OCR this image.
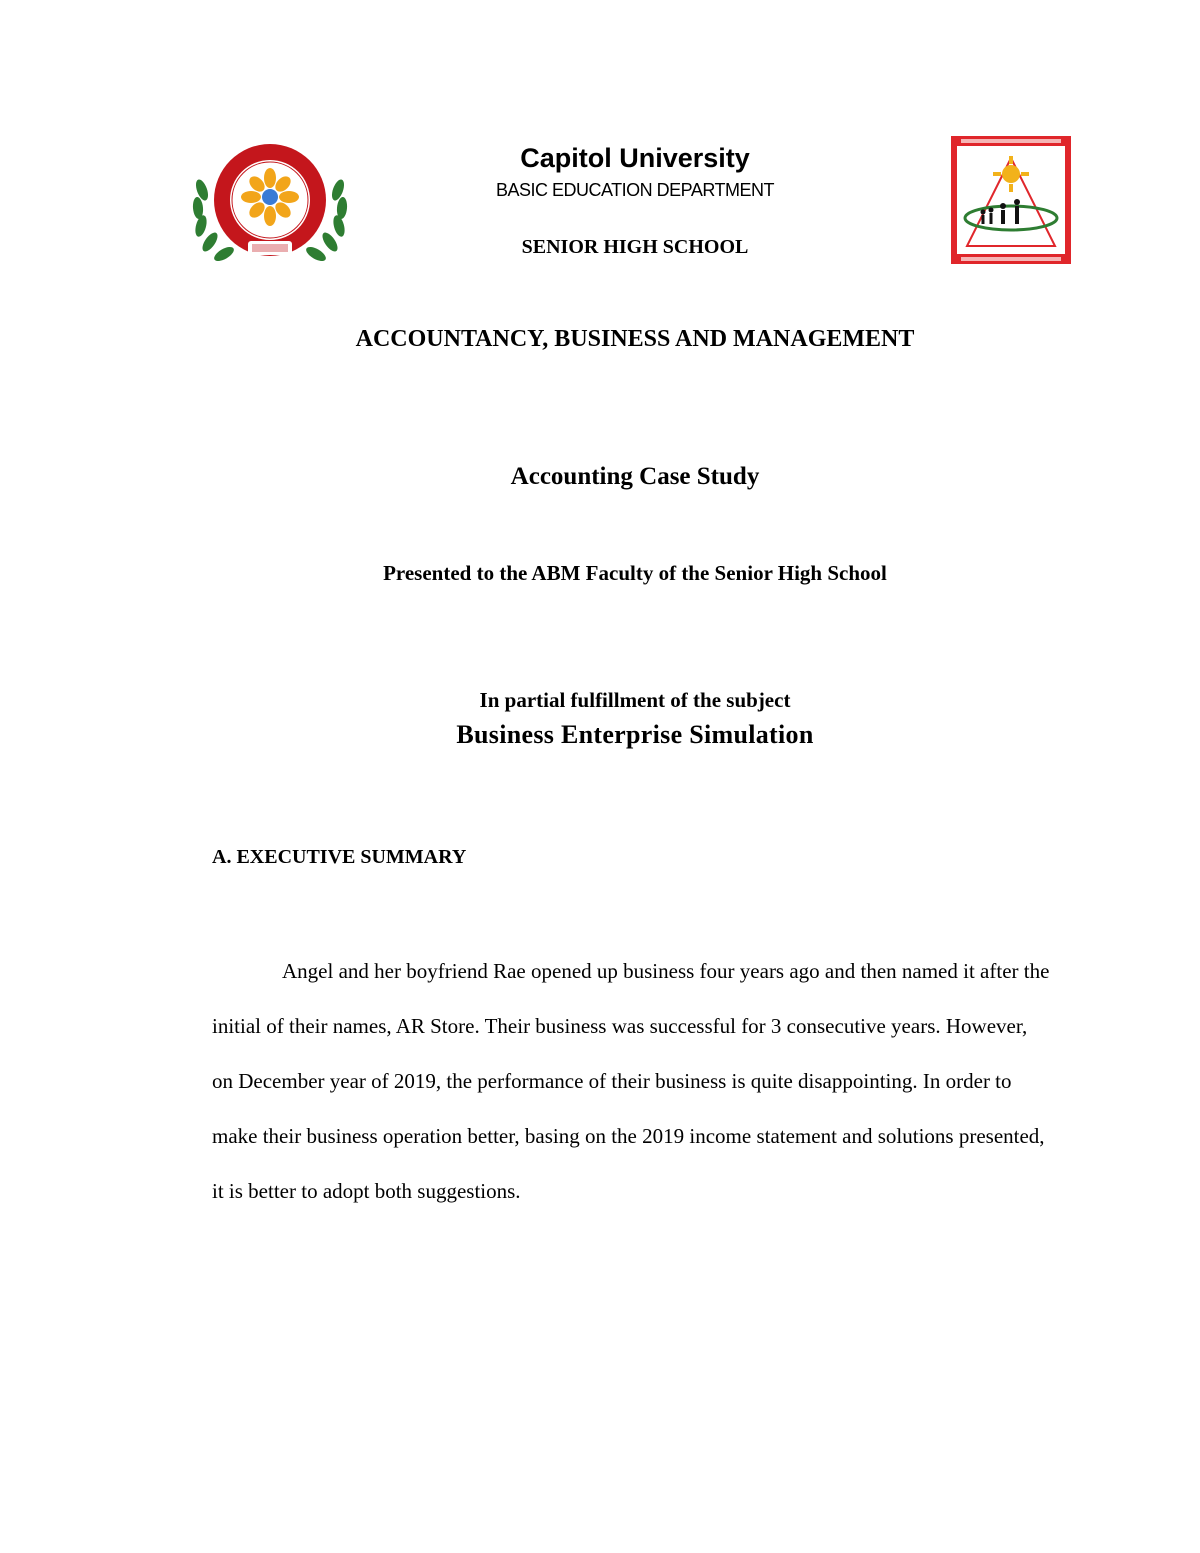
Capitol University

BASIC EDUCATION DEPARTMENT

SENIOR HIGH SCHOOL

ACCOUNTANCY, BUSINESS AND MANAGEMENT
Accounting Case Study
Presented to the ABM Faculty of the Senior High School
In partial fulfillment of the subject
Business Enterprise Simulation

A. EXECUTIVE SUMMARY

Angel and her boyfriend Rae opened up business four years ago and then named it after the initial of their names, AR Store. Their business was successful for 3 consecutive years. However, on December year of 2019, the performance of their business is quite disappointing. In order to make their business operation better, basing on the 2019 income statement and solutions presented, it is better to adopt both suggestions.
